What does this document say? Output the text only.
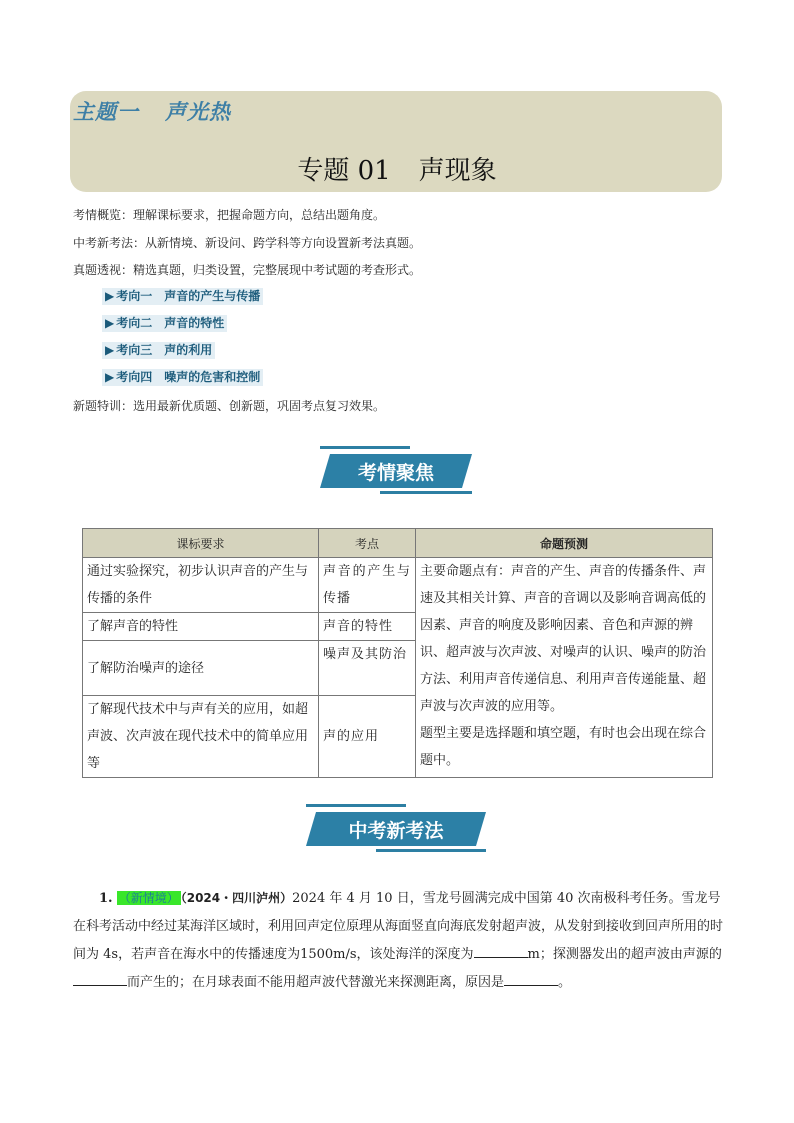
主题一 声光热
专题 01 声现象
考情概览：理解课标要求，把握命题方向，总结出题角度。
中考新考法：从新情境、新设问、跨学科等方向设置新考法真题。
真题透视：精选真题，归类设置，完整展现中考试题的考查形式。
▶ 考向一 声音的产生与传播
▶ 考向二 声音的特性
▶ 考向三 声的利用
▶ 考向四 噪声的危害和控制
新题特训：选用最新优质题、创新题，巩固考点复习效果。
考情聚焦
课标要求	考点	命题预测
通过实验探究，初步认识声音的产生与传播的条件	声音的产生与传播	主要命题点有：声音的产生、声音的传播条件、声速及其相关计算、声音的音调以及影响音调高低的因素、声音的响度及影响因素、音色和声源的辨识、超声波与次声波、对噪声的认识、噪声的防治方法、利用声音传递信息、利用声音传递能量、超声波与次声波的应用等。
题型主要是选择题和填空题，有时也会出现在综合题中。

了解声音的特性	声音的特性	
了解防治噪声的途径	噪声及其防治	
了解现代技术中与声有关的应用，如超声波、次声波在现代技术中的简单应用等	声的应用	
中考新考法
1. （新情境） （2024・四川泸州）2024 年 4 月 10 日，雪龙号圆满完成中国第 40 次南极科考任务。雪龙号在科考活动中经过某海洋区域时，利用回声定位原理从海面竖直向海底发射超声波，从发射到接收到回声所用的时间为 4s，若声音在海水中的传播速度为1500m/s，该处海洋的深度为	m；探测器发出的超声波由声源的而产生的；在月球表面不能用超声波代替激光来探测距离，原因是	。
